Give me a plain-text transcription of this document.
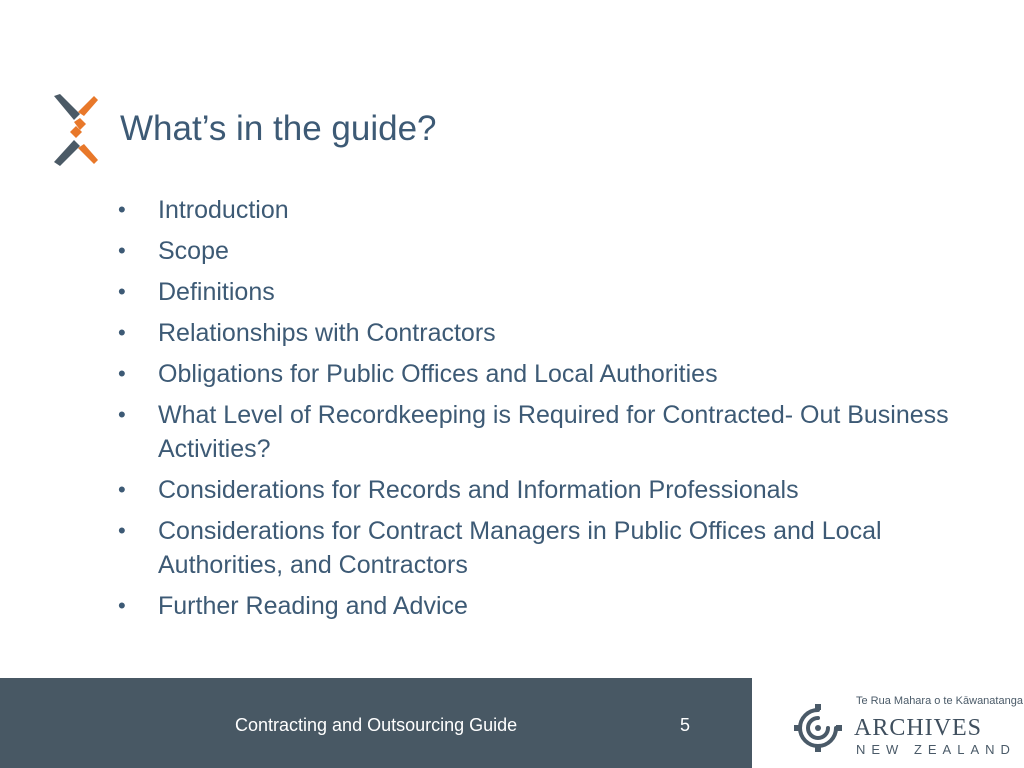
What’s in the guide?
• Introduction
• Scope
• Definitions
• Relationships with Contractors
• Obligations for Public Offices and Local Authorities
• What Level of Recordkeeping is Required for Contracted- Out Business Activities?
• Considerations for Records and Information Professionals
• Considerations for Contract Managers in Public Offices and Local Authorities, and Contractors
• Further Reading and Advice
Contracting and Outsourcing Guide	5
Te Rua Mahara o te Kāwanatanga
archives
NEW ZEALAND
